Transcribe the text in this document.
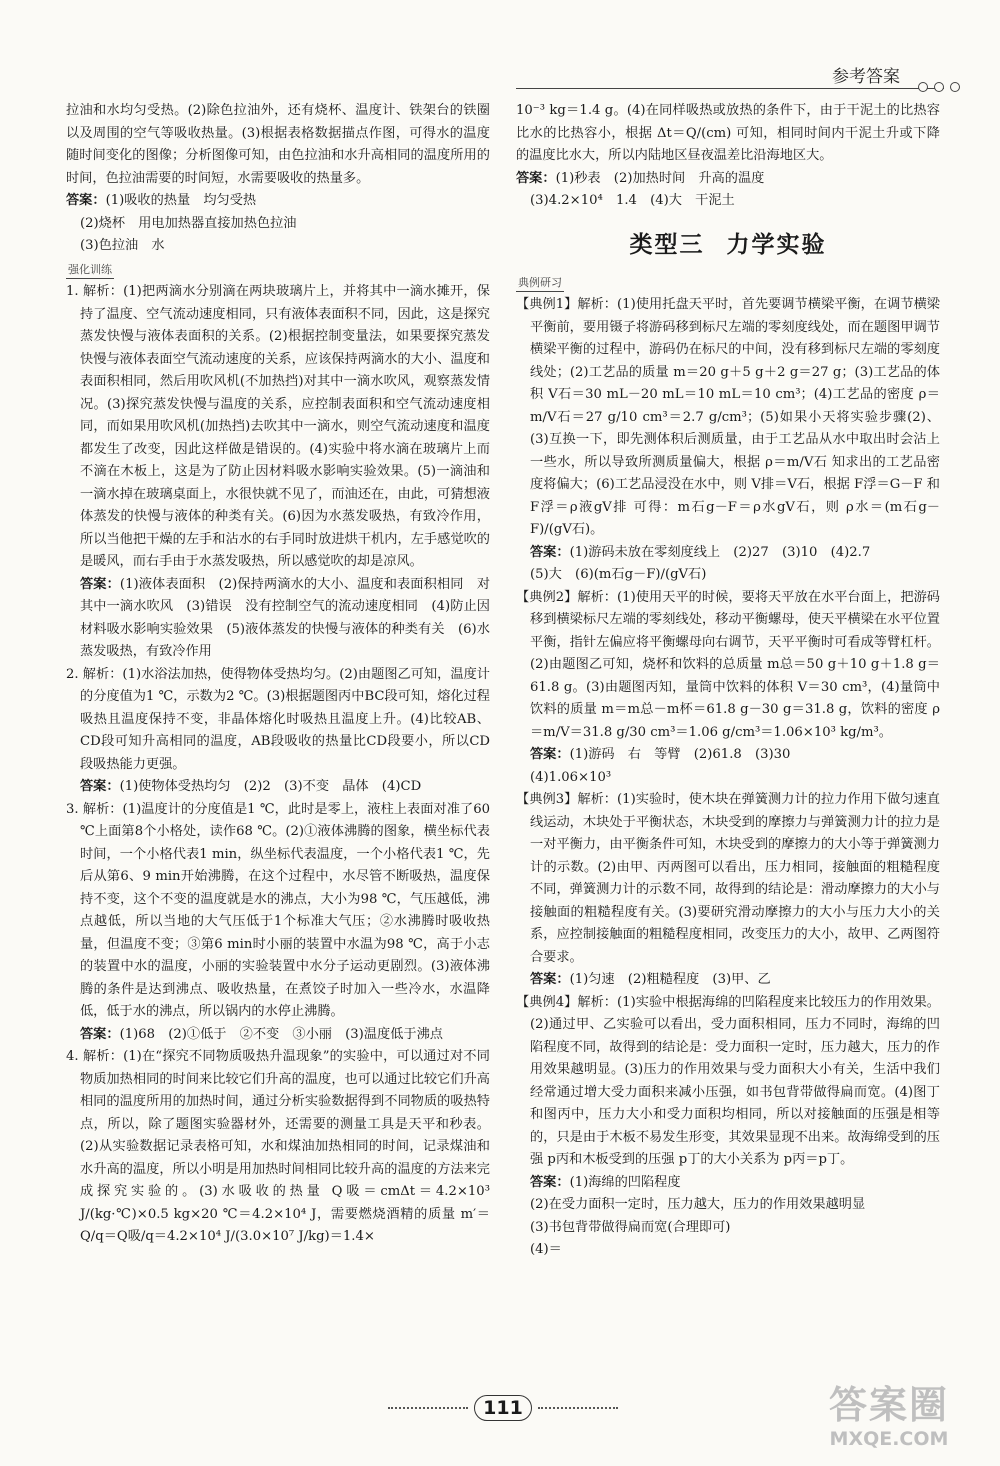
参考答案

拉油和水均匀受热。(2)除色拉油外，还有烧杯、温度计、铁架台的铁圈以及周围的空气等吸收热量。(3)根据表格数据描点作图，可得水的温度随时间变化的图像；分析图像可知，由色拉油和水升高相同的温度所用的时间，色拉油需要的时间短，水需要吸收的热量多。

答案：(1)吸收的热量　均匀受热

(2)烧杯　用电加热器直接加热色拉油

(3)色拉油　水

强化训练

1. 解析：(1)把两滴水分别滴在两块玻璃片上，并将其中一滴水摊开，保持了温度、空气流动速度相同，只有液体表面积不同，因此，这是探究蒸发快慢与液体表面积的关系。(2)根据控制变量法，如果要探究蒸发快慢与液体表面空气流动速度的关系，应该保持两滴水的大小、温度和表面积相同，然后用吹风机(不加热挡)对其中一滴水吹风，观察蒸发情况。(3)探究蒸发快慢与温度的关系，应控制表面积和空气流动速度相同，而如果用吹风机(加热挡)去吹其中一滴水，则空气流动速度和温度都发生了改变，因此这样做是错误的。(4)实验中将水滴在玻璃片上而不滴在木板上，这是为了防止因材料吸水影响实验效果。(5)一滴油和一滴水掉在玻璃桌面上，水很快就不见了，而油还在，由此，可猜想液体蒸发的快慢与液体的种类有关。(6)因为水蒸发吸热，有致冷作用，所以当他把干燥的左手和沾水的右手同时放进烘干机内，左手感觉吹的是暖风，而右手由于水蒸发吸热，所以感觉吹的却是凉风。

答案：(1)液体表面积　(2)保持两滴水的大小、温度和表面积相同　对其中一滴水吹风　(3)错误　没有控制空气的流动速度相同　(4)防止因材料吸水影响实验效果　(5)液体蒸发的快慢与液体的种类有关　(6)水蒸发吸热，有致冷作用

2. 解析：(1)水浴法加热，使得物体受热均匀。(2)由题图乙可知，温度计的分度值为1 ℃，示数为2 ℃。(3)根据题图丙中BC段可知，熔化过程吸热且温度保持不变，非晶体熔化时吸热且温度上升。(4)比较AB、CD段可知升高相同的温度，AB段吸收的热量比CD段要小，所以CD段吸热能力更强。

答案：(1)使物体受热均匀　(2)2　(3)不变　晶体　(4)CD

3. 解析：(1)温度计的分度值是1 ℃，此时是零上，液柱上表面对准了60 ℃上面第8个小格处，读作68 ℃。(2)①液体沸腾的图象，横坐标代表时间，一个小格代表1 min，纵坐标代表温度，一个小格代表1 ℃，先后从第6、9 min开始沸腾，在这个过程中，水尽管不断吸热，温度保持不变，这个不变的温度就是水的沸点，大小为98 ℃，气压越低，沸点越低，所以当地的大气压低于1个标准大气压；②水沸腾时吸收热量，但温度不变；③第6 min时小丽的装置中水温为98 ℃，高于小志的装置中水的温度，小丽的实验装置中水分子运动更剧烈。(3)液体沸腾的条件是达到沸点、吸收热量，在煮饺子时加入一些冷水，水温降低，低于水的沸点，所以锅内的水停止沸腾。

答案：(1)68　(2)①低于　②不变　③小丽　(3)温度低于沸点

4. 解析：(1)在“探究不同物质吸热升温现象”的实验中，可以通过对不同物质加热相同的时间来比较它们升高的温度，也可以通过比较它们升高相同的温度所用的加热时间，通过分析实验数据得到不同物质的吸热特点，所以，除了题图实验器材外，还需要的测量工具是天平和秒表。(2)从实验数据记录表格可知，水和煤油加热相同的时间，记录煤油和水升高的温度，所以小明是用加热时间相同比较升高的温度的方法来完成探究实验的。(3)水吸收的热量 Q吸＝cmΔt＝4.2×10³ J/(kg·℃)×0.5 kg×20 ℃＝4.2×10⁴ J，需要燃烧酒精的质量 m′＝Q/q＝Q吸/q＝4.2×10⁴ J/(3.0×10⁷ J/kg)＝1.4×

10⁻³ kg＝1.4 g。(4)在同样吸热或放热的条件下，由于干泥土的比热容比水的比热容小，根据 Δt＝Q/(cm) 可知，相同时间内干泥土升或下降的温度比水大，所以内陆地区昼夜温差比沿海地区大。

答案：(1)秒表　(2)加热时间　升高的温度

(3)4.2×10⁴　1.4　(4)大　干泥土

类型三 力学实验
典例研习

【典例1】解析：(1)使用托盘天平时，首先要调节横梁平衡，在调节横梁平衡前，要用镊子将游码移到标尺左端的零刻度线处，而在题图甲调节横梁平衡的过程中，游码仍在标尺的中间，没有移到标尺左端的零刻度线处；(2)工艺品的质量 m＝20 g＋5 g＋2 g＝27 g；(3)工艺品的体积 V石＝30 mL－20 mL＝10 mL＝10 cm³；(4)工艺品的密度 ρ＝m/V石＝27 g/10 cm³＝2.7 g/cm³；(5)如果小天将实验步骤(2)、(3)互换一下，即先测体积后测质量，由于工艺品从水中取出时会沾上一些水，所以导致所测质量偏大，根据 ρ＝m/V石 知求出的工艺品密度将偏大；(6)工艺品浸没在水中，则 V排＝V石，根据 F浮＝G－F 和 F浮＝ρ液gV排 可得：m石g－F＝ρ水gV石，则 ρ水＝(m石g－F)/(gV石)。

答案：(1)游码未放在零刻度线上　(2)27　(3)10　(4)2.7

(5)大　(6)(m石g－F)/(gV石)

【典例2】解析：(1)使用天平的时候，要将天平放在水平台面上，把游码移到横梁标尺左端的零刻线处，移动平衡螺母，使天平横梁在水平位置平衡，指针左偏应将平衡螺母向右调节，天平平衡时可看成等臂杠杆。(2)由题图乙可知，烧杯和饮料的总质量 m总＝50 g＋10 g＋1.8 g＝61.8 g。(3)由题图丙知，量筒中饮料的体积 V＝30 cm³，(4)量筒中饮料的质量 m＝m总－m杯＝61.8 g－30 g＝31.8 g，饮料的密度 ρ＝m/V＝31.8 g/30 cm³＝1.06 g/cm³＝1.06×10³ kg/m³。

答案：(1)游码　右　等臂　(2)61.8　(3)30

(4)1.06×10³

【典例3】解析：(1)实验时，使木块在弹簧测力计的拉力作用下做匀速直线运动，木块处于平衡状态，木块受到的摩擦力与弹簧测力计的拉力是一对平衡力，由平衡条件可知，木块受到的摩擦力的大小等于弹簧测力计的示数。(2)由甲、丙两图可以看出，压力相同，接触面的粗糙程度不同，弹簧测力计的示数不同，故得到的结论是：滑动摩擦力的大小与接触面的粗糙程度有关。(3)要研究滑动摩擦力的大小与压力大小的关系，应控制接触面的粗糙程度相同，改变压力的大小，故甲、乙两图符合要求。

答案：(1)匀速　(2)粗糙程度　(3)甲、乙

【典例4】解析：(1)实验中根据海绵的凹陷程度来比较压力的作用效果。(2)通过甲、乙实验可以看出，受力面积相同，压力不同时，海绵的凹陷程度不同，故得到的结论是：受力面积一定时，压力越大，压力的作用效果越明显。(3)压力的作用效果与受力面积大小有关，生活中我们经常通过增大受力面积来减小压强，如书包背带做得扁而宽。(4)图丁和图丙中，压力大小和受力面积均相同，所以对接触面的压强是相等的，只是由于木板不易发生形变，其效果显现不出来。故海绵受到的压强 p丙和木板受到的压强 p丁的大小关系为 p丙＝p丁。

答案：(1)海绵的凹陷程度

(2)在受力面积一定时，压力越大，压力的作用效果越明显

(3)书包背带做得扁而宽(合理即可)

(4)＝

111	答案圈
MXQE.COM
